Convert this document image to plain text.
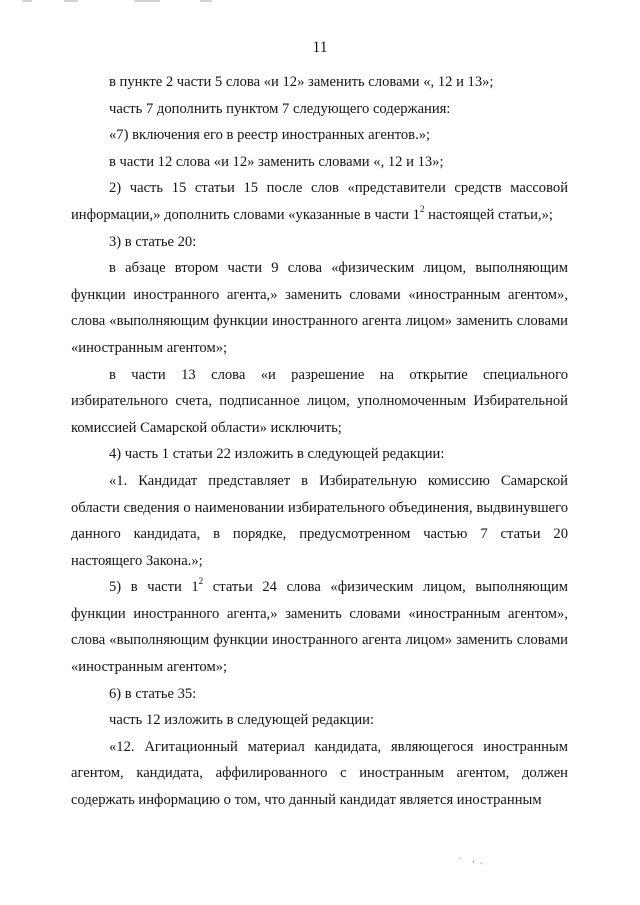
11

в пункте 2 части 5 слова «и 12» заменить словами «, 12 и 13»;

часть 7 дополнить пунктом 7 следующего содержания:

«7) включения его в реестр иностранных агентов.»;

в части 12 слова «и 12» заменить словами «, 12 и 13»;

2) часть 15 статьи 15 после слов «представители средств массовой информации,» дополнить словами «указанные в части $1^2$ настоящей статьи,»;

3) в статье 20:

в абзаце втором части 9 слова «физическим лицом, выполняющим функции иностранного агента,» заменить словами «иностранным агентом», слова «выполняющим функции иностранного агента лицом» заменить словами «иностранным агентом»;

в части 13 слова «и разрешение на открытие специального избирательного счета, подписанное лицом, уполномоченным Избирательной комиссией Самарской области» исключить;

4) часть 1 статьи 22 изложить в следующей редакции:

«1. Кандидат представляет в Избирательную комиссию Самарской области сведения о наименовании избирательного объединения, выдвинувшего данного кандидата, в порядке, предусмотренном частью 7 статьи 20 настоящего Закона.»;

5) в части $1^2$ статьи 24 слова «физическим лицом, выполняющим функции иностранного агента,» заменить словами «иностранным агентом», слова «выполняющим функции иностранного агента лицом» заменить словами «иностранным агентом»;

6) в статье 35:

часть 12 изложить в следующей редакции:

«12. Агитационный материал кандидата, являющегося иностранным агентом, кандидата, аффилированного с иностранным агентом, должен содержать информацию о том, что данный кандидат является иностранным

·   , ˎ
